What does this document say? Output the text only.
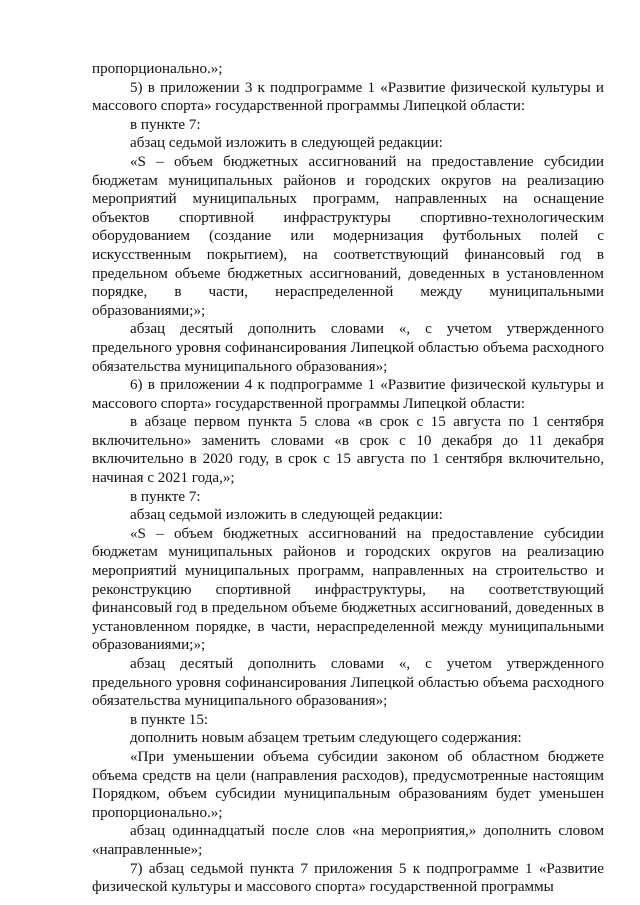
пропорционально.»;

5) в приложении 3 к подпрограмме 1 «Развитие физической культуры и массового спорта» государственной программы Липецкой области:

в пункте 7:

абзац седьмой изложить в следующей редакции:

«S – объем бюджетных ассигнований на предоставление субсидии бюджетам муниципальных районов и городских округов на реализацию мероприятий муниципальных программ, направленных на оснащение объектов спортивной инфраструктуры спортивно-технологическим оборудованием (создание или модернизация футбольных полей с искусственным покрытием), на соответствующий финансовый год в предельном объеме бюджетных ассигнований, доведенных в установленном порядке, в части, нераспределенной между муниципальными образованиями;»;

абзац десятый дополнить словами «, с учетом утвержденного предельного уровня софинансирования Липецкой областью объема расходного обязательства муниципального образования»;

6) в приложении 4 к подпрограмме 1 «Развитие физической культуры и массового спорта» государственной программы Липецкой области:

в абзаце первом пункта 5 слова «в срок с 15 августа по 1 сентября включительно» заменить словами «в срок с 10 декабря до 11 декабря включительно в 2020 году, в срок с 15 августа по 1 сентября включительно, начиная с 2021 года,»;

в пункте 7:

абзац седьмой изложить в следующей редакции:

«S – объем бюджетных ассигнований на предоставление субсидии бюджетам муниципальных районов и городских округов на реализацию мероприятий муниципальных программ, направленных на строительство и реконструкцию спортивной инфраструктуры, на соответствующий финансовый год в предельном объеме бюджетных ассигнований, доведенных в установленном порядке, в части, нераспределенной между муниципальными образованиями;»;

абзац десятый дополнить словами «, с учетом утвержденного предельного уровня софинансирования Липецкой областью объема расходного обязательства муниципального образования»;

в пункте 15:

дополнить новым абзацем третьим следующего содержания:

«При уменьшении объема субсидии законом об областном бюджете объема средств на цели (направления расходов), предусмотренные настоящим Порядком, объем субсидии муниципальным образованиям будет уменьшен пропорционально.»;

абзац одиннадцатый после слов «на мероприятия,» дополнить словом «направленные»;

7) абзац седьмой пункта 7 приложения 5 к подпрограмме 1 «Развитие физической культуры и массового спорта» государственной программы
